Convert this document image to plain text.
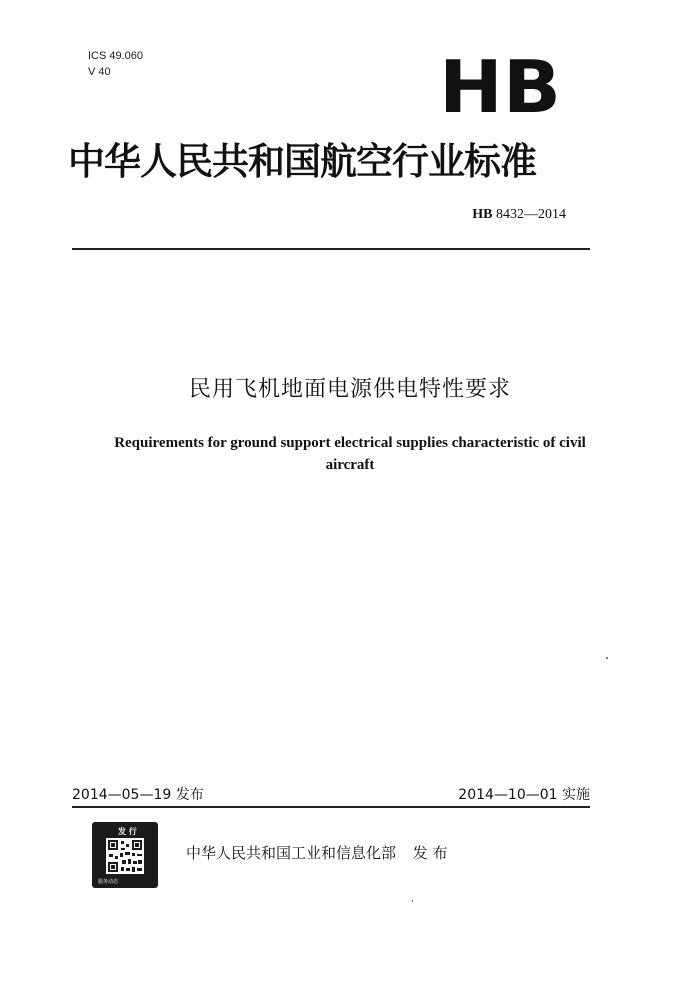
ICS 49.060
V 40	HB
中华人民共和国航空行业标准
HB 8432—2014
民用飞机地面电源供电特性要求
Requirements for ground support electrical supplies characteristic of civil aircraft
2014—05—19 发布	2014—10—01 实施
发 行
服务动态
中华人民共和国工业和信息化部 发 布
